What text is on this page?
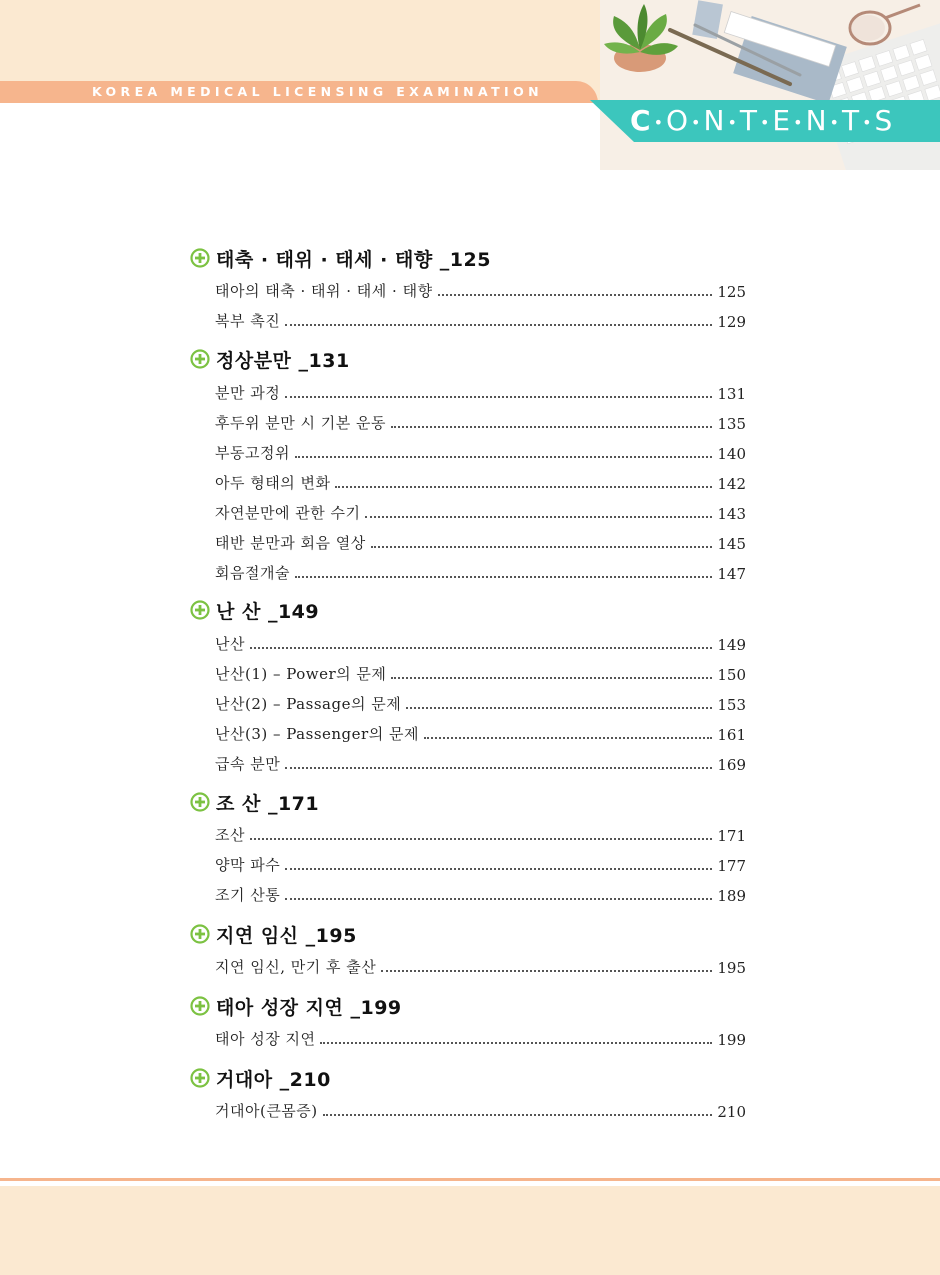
KOREA MEDICAL LICENSING EXAMINATION
C •O •N •T •E •N •T •S
태축 · 태위 · 태세 · 태향 _125
태아의 태축 · 태위 · 태세 · 태향	125
복부 촉진	129
정상분만 _131
분만 과정	131
후두위 분만 시 기본 운동	135
부동고정위	140
아두 형태의 변화	142
자연분만에 관한 수기	143
태반 분만과 회음 열상	145
회음절개술	147
난 산 _149
난산	149
난산(1) – Power의 문제	150
난산(2) – Passage의 문제	153
난산(3) – Passenger의 문제	161
급속 분만	169
조 산 _171
조산	171
양막 파수	177
조기 산통	189
지연 임신 _195
지연 임신, 만기 후 출산	195
태아 성장 지연 _199
태아 성장 지연	199
거대아 _210
거대아(큰몸증)	210
